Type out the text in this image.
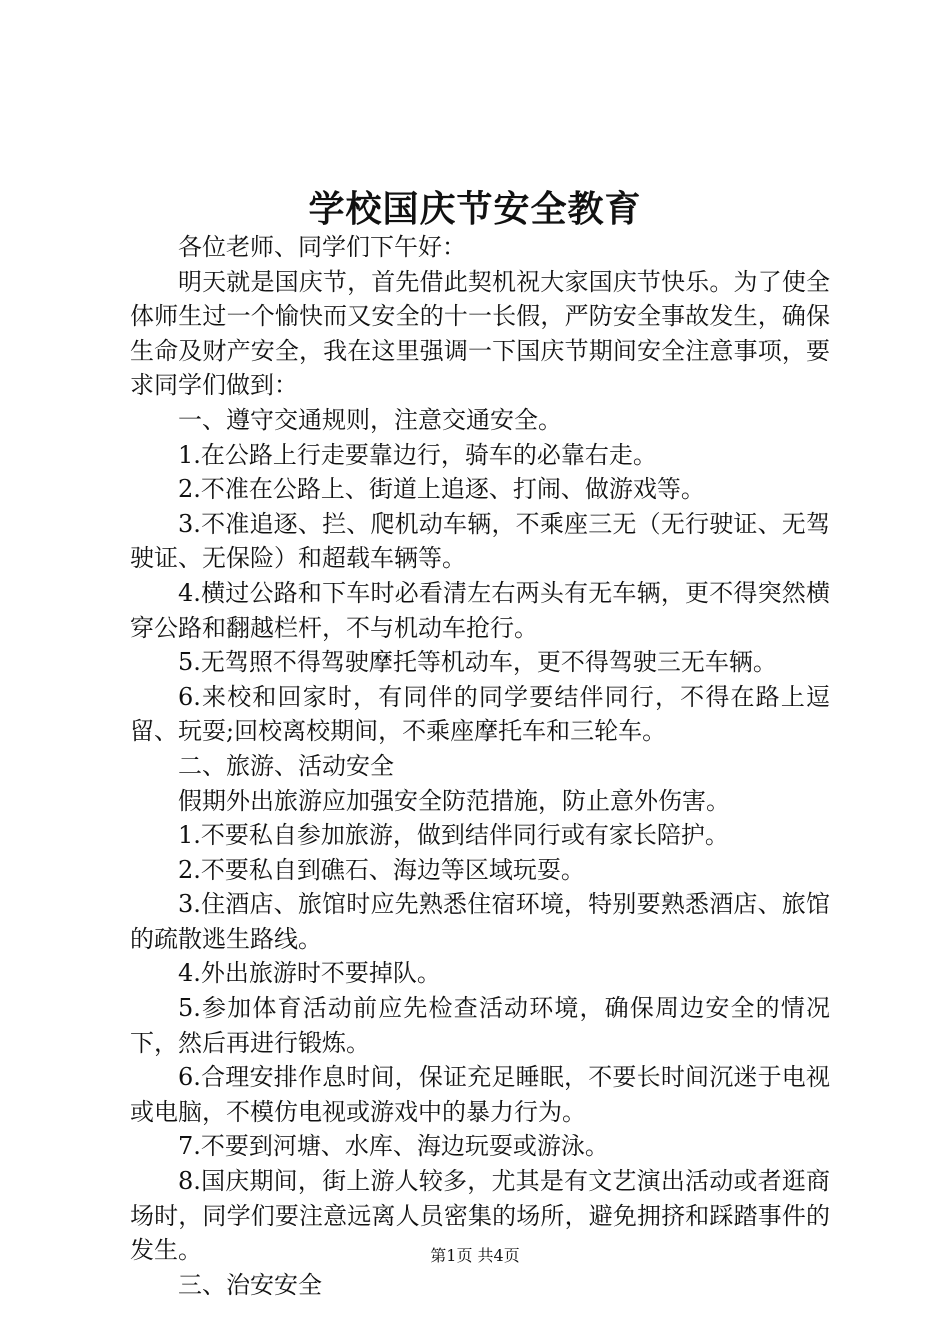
学校国庆节安全教育

各位老师、同学们下午好：

明天就是国庆节，首先借此契机祝大家国庆节快乐。为了使全体师生过一个愉快而又安全的十一长假，严防安全事故发生，确保生命及财产安全，我在这里强调一下国庆节期间安全注意事项，要求同学们做到：

一、遵守交通规则，注意交通安全。

1.在公路上行走要靠边行，骑车的必靠右走。

2.不准在公路上、街道上追逐、打闹、做游戏等。

3.不准追逐、拦、爬机动车辆，不乘座三无（无行驶证、无驾驶证、无保险）和超载车辆等。

4.横过公路和下车时必看清左右两头有无车辆，更不得突然横穿公路和翻越栏杆，不与机动车抢行。

5.无驾照不得驾驶摩托等机动车，更不得驾驶三无车辆。

6.来校和回家时，有同伴的同学要结伴同行，不得在路上逗留、玩耍;回校离校期间，不乘座摩托车和三轮车。

二、旅游、活动安全

假期外出旅游应加强安全防范措施，防止意外伤害。

1.不要私自参加旅游，做到结伴同行或有家长陪护。

2.不要私自到礁石、海边等区域玩耍。

3.住酒店、旅馆时应先熟悉住宿环境，特别要熟悉酒店、旅馆的疏散逃生路线。

4.外出旅游时不要掉队。

5.参加体育活动前应先检查活动环境，确保周边安全的情况下，然后再进行锻炼。

6.合理安排作息时间，保证充足睡眠，不要长时间沉迷于电视或电脑，不模仿电视或游戏中的暴力行为。

7.不要到河塘、水库、海边玩耍或游泳。

8.国庆期间，街上游人较多，尤其是有文艺演出活动或者逛商场时，同学们要注意远离人员密集的场所，避免拥挤和踩踏事件的发生。

三、治安安全

第1页 共4页
